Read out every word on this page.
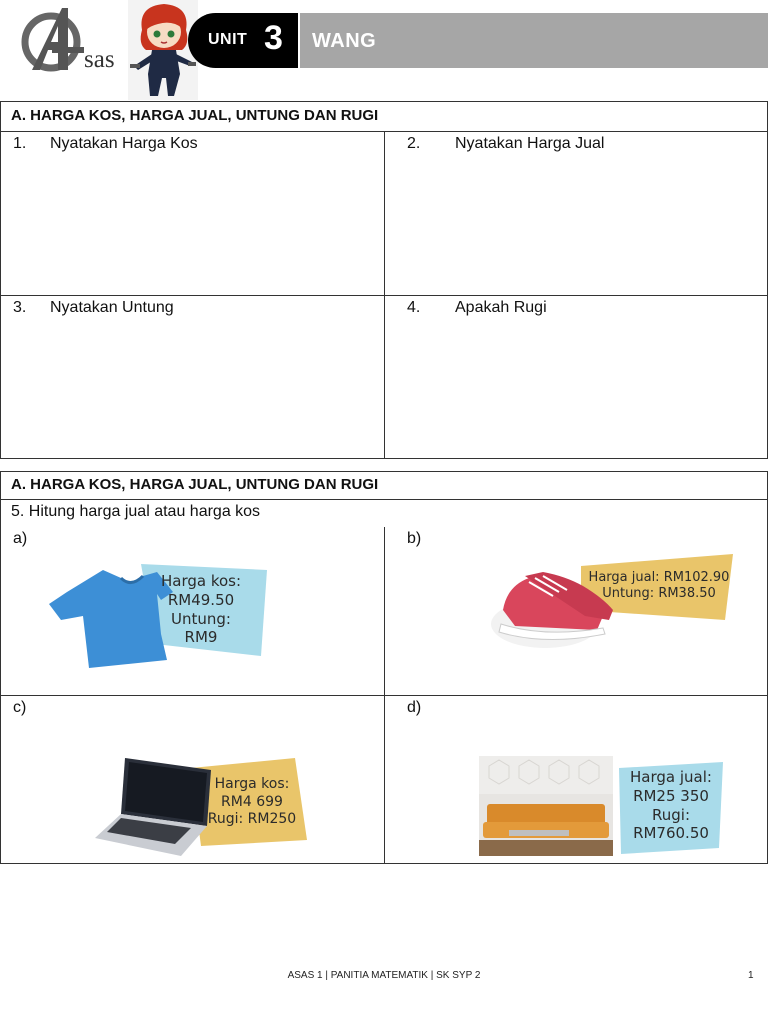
sas
UNIT 3 WANG
A. HARGA KOS, HARGA JUAL, UNTUNG DAN RUGI
1. Nyatakan Harga Kos	2. Nyatakan Harga Jual
3. Nyatakan Untung	4. Apakah Rugi
A. HARGA KOS, HARGA JUAL, UNTUNG DAN RUGI
5. Hitung harga jual atau harga kos
a)	b)
c)	d)
Harga kos:
RM49.50
Untung:
RM9
Harga jual: RM102.90
Untung: RM38.50
Harga kos:
RM4 699
Rugi: RM250
Harga jual:
RM25 350
Rugi:
RM760.50
ASAS 1 | PANITIA MATEMATIK | SK SYP 2	1
